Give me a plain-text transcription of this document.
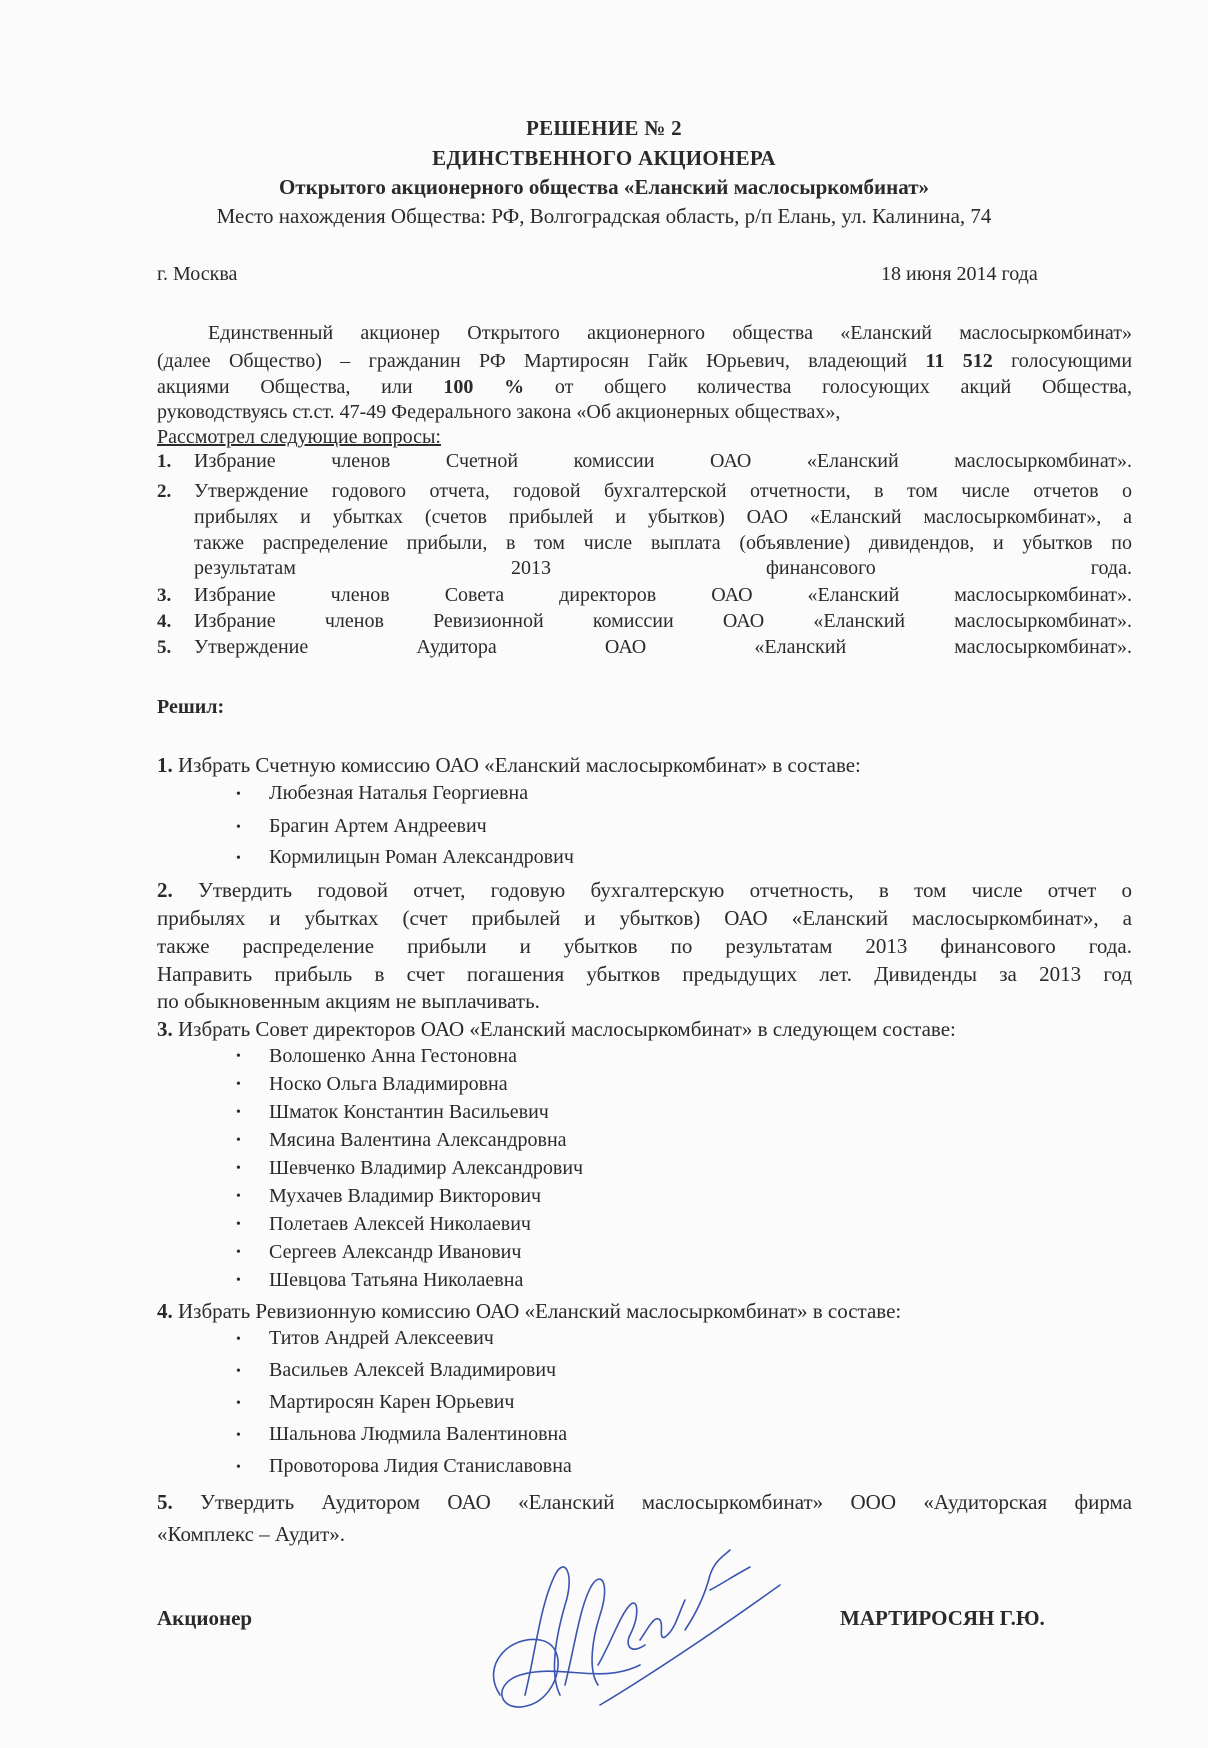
РЕШЕНИЕ № 2
ЕДИНСТВЕННОГО АКЦИОНЕРА
Открытого акционерного общества «Еланский маслосыркомбинат»
Место нахождения Общества: РФ, Волгоградская область, р/п Елань, ул. Калинина, 74
г. Москва	18 июня 2014 года
Единственный акционер Открытого акционерного общества «Еланский маслосыркомбинат»
(далее Общество) – гражданин РФ Мартиросян Гайк Юрьевич, владеющий 11 512 голосующими
акциями Общества, или 100 % от общего количества голосующих акций Общества,
руководствуясь ст.ст. 47-49 Федерального закона «Об акционерных обществах»,
Рассмотрел следующие вопросы:
1. Избрание членов Счетной комиссии ОАО «Еланский маслосыркомбинат».
2. Утверждение годового отчета, годовой бухгалтерской отчетности, в том числе отчетов о
прибылях и убытках (счетов прибылей и убытков) ОАО «Еланский маслосыркомбинат», а
также распределение прибыли, в том числе выплата (объявление) дивидендов, и убытков по
результатам 2013 финансового года.
3. Избрание членов Совета директоров ОАО «Еланский маслосыркомбинат».
4. Избрание членов Ревизионной комиссии ОАО «Еланский маслосыркомбинат».
5. Утверждение Аудитора ОАО «Еланский маслосыркомбинат».
Решил:
1. Избрать Счетную комиссию ОАО «Еланский маслосыркомбинат» в составе:
• Любезная Наталья Георгиевна
• Брагин Артем Андреевич
• Кормилицын Роман Александрович
2. Утвердить годовой отчет, годовую бухгалтерскую отчетность, в том числе отчет о
прибылях и убытках (счет прибылей и убытков) ОАО «Еланский маслосыркомбинат», а
также распределение прибыли и убытков по результатам 2013 финансового года.
Направить прибыль в счет погашения убытков предыдущих лет. Дивиденды за 2013 год
по обыкновенным акциям не выплачивать.
3. Избрать Совет директоров ОАО «Еланский маслосыркомбинат» в следующем составе:
• Волошенко Анна Гестоновна
• Носко Ольга Владимировна
• Шматок Константин Васильевич
• Мясина Валентина Александровна
• Шевченко Владимир Александрович
• Мухачев Владимир Викторович
• Полетаев Алексей Николаевич
• Сергеев Александр Иванович
• Шевцова Татьяна Николаевна
4. Избрать Ревизионную комиссию ОАО «Еланский маслосыркомбинат» в составе:
• Титов Андрей Алексеевич
• Васильев Алексей Владимирович
• Мартиросян Карен Юрьевич
• Шальнова Людмила Валентиновна
• Провоторова Лидия Станиславовна
5. Утвердить Аудитором ОАО «Еланский маслосыркомбинат» ООО «Аудиторская фирма
«Комплекс – Аудит».
Акционер	МАРТИРОСЯН Г.Ю.
